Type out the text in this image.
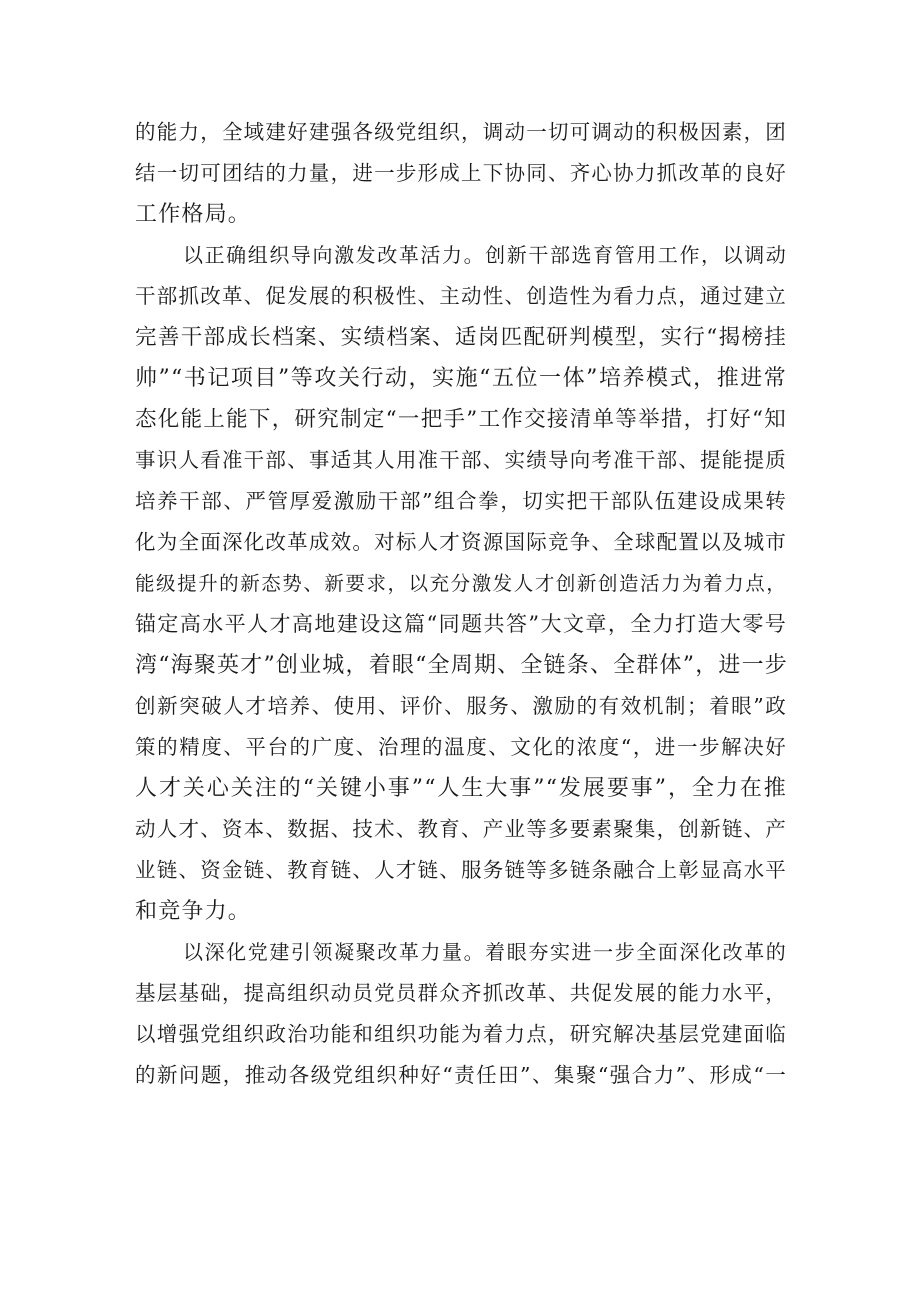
的能力，全域建好建强各级党组织，调动一切可调动的积极因素，团
结一切可团结的力量，进一步形成上下协同、齐心协力抓改革的良好
工作格局。
以正确组织导向激发改革活力。创新干部选育管用工作，以调动
干部抓改革、促发展的积极性、主动性、创造性为看力点，通过建立
完善干部成长档案、实绩档案、适岗匹配研判模型，实行“揭榜挂
帅”“书记项目”等攻关行动，实施“五位一体”培养模式，推进常
态化能上能下，研究制定“一把手”工作交接清单等举措，打好“知
事识人看准干部、事适其人用准干部、实绩导向考准干部、提能提质
培养干部、严管厚爱激励干部”组合拳，切实把干部队伍建设成果转
化为全面深化改革成效。对标人才资源国际竞争、全球配置以及城市
能级提升的新态势、新要求，以充分激发人才创新创造活力为着力点，
锚定高水平人才高地建设这篇“同题共答”大文章，全力打造大零号
湾“海聚英才”创业城，着眼“全周期、全链条、全群体”，进一步
创新突破人才培养、使用、评价、服务、激励的有效机制；着眼”政
策的精度、平台的广度、治理的温度、文化的浓度“，进一步解决好
人才关心关注的“关键小事”“人生大事”“发展要事”，全力在推
动人才、资本、数据、技术、教育、产业等多要素聚集，创新链、产
业链、资金链、教育链、人才链、服务链等多链条融合上彰显高水平
和竞争力。
以深化党建引领凝聚改革力量。着眼夯实进一步全面深化改革的
基层基础，提高组织动员党员群众齐抓改革、共促发展的能力水平，
以增强党组织政治功能和组织功能为着力点，研究解决基层党建面临
的新问题，推动各级党组织种好“责任田”、集聚“强合力”、形成“一
